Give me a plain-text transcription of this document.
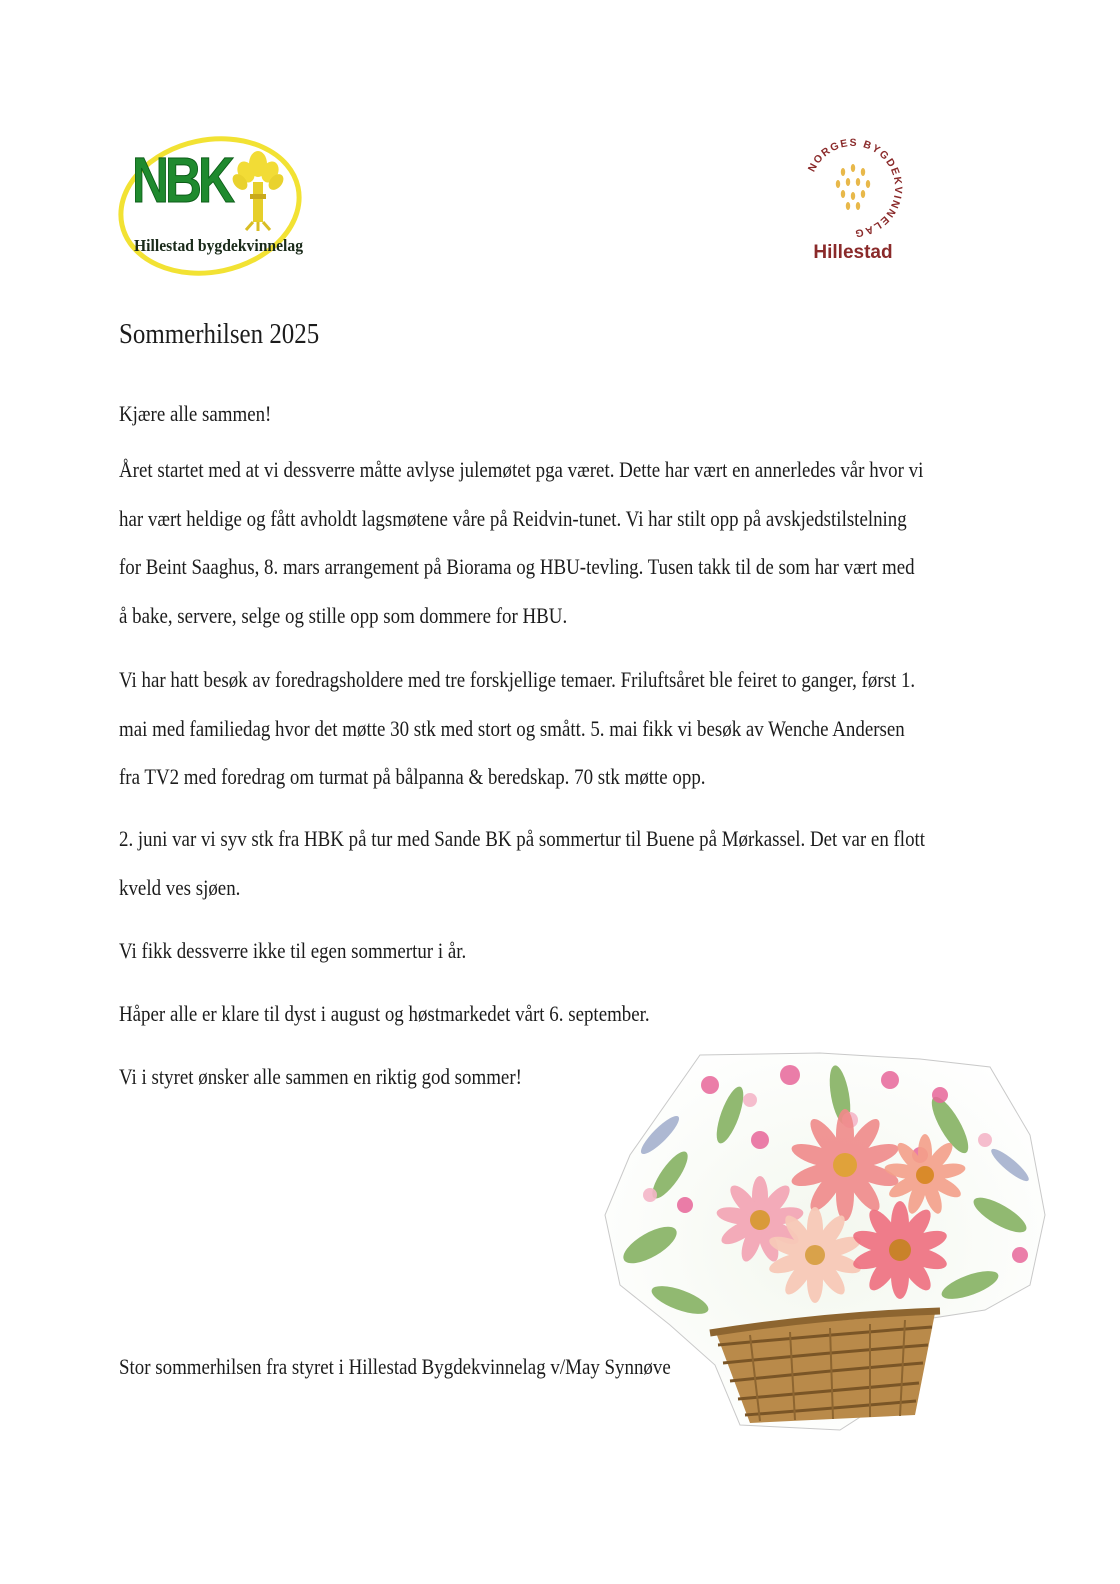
NBK
Hillestad bygdekvinnelag
NORGES BYGDEKVINNELAG
Hillestad
Sommerhilsen 2025

Kjære alle sammen!

Året startet med at vi dessverre måtte avlyse julemøtet pga været. Dette har vært en annerledes vår hvor vi
har vært heldige og fått avholdt lagsmøtene våre på Reidvin-tunet. Vi har stilt opp på avskjedstilstelning
for Beint Saaghus, 8. mars arrangement på Biorama og HBU-tevling. Tusen takk til de som har vært med
å bake, servere, selge og stille opp som dommere for HBU.

Vi har hatt besøk av foredragsholdere med tre forskjellige temaer. Friluftsåret ble feiret to ganger, først 1.
mai med familiedag hvor det møtte 30 stk med stort og smått. 5. mai fikk vi besøk av Wenche Andersen
fra TV2 med foredrag om turmat på bålpanna & beredskap. 70 stk møtte opp.

2. juni var vi syv stk fra HBK på tur med Sande BK på sommertur til Buene på Mørkassel. Det var en flott
kveld ves sjøen.

Vi fikk dessverre ikke til egen sommertur i år.

Håper alle er klare til dyst i august og høstmarkedet vårt 6. september.

Vi i styret ønsker alle sammen en riktig god sommer!

Stor sommerhilsen fra styret i Hillestad Bygdekvinnelag v/May Synnøve
